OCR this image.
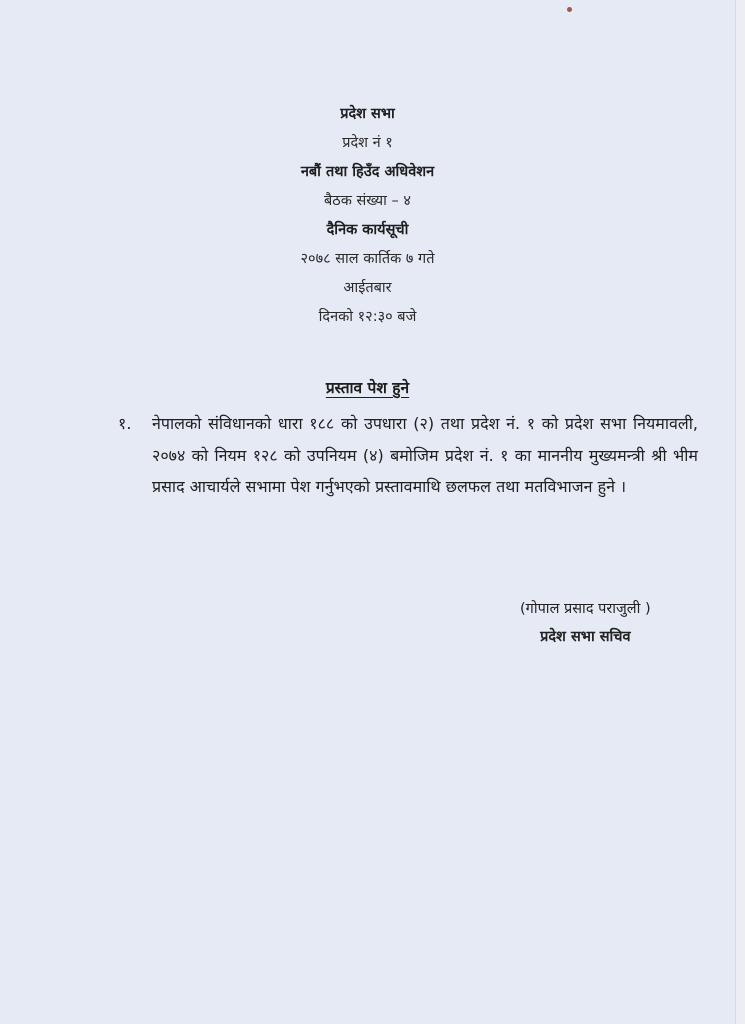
प्रदेश सभा
प्रदेश नं १
नबौं तथा हिउँद अधिवेशन
बैठक संख्या – ४
दैनिक कार्यसूची
२०७८ साल कार्तिक ७ गते
आईतबार
दिनको १२:३० बजे
प्रस्ताव पेश हुने
१.	नेपालको संविधानको धारा १८८ को उपधारा (२) तथा प्रदेश नं. १ को प्रदेश सभा नियमावली, २०७४ को नियम १२८ को उपनियम (४) बमोजिम प्रदेश नं. १ का माननीय मुख्यमन्त्री श्री भीम प्रसाद आचार्यले सभामा पेश गर्नुभएको प्रस्तावमाथि छलफल तथा मतविभाजन हुने ।
(गोपाल प्रसाद पराजुली )
प्रदेश सभा सचिव
